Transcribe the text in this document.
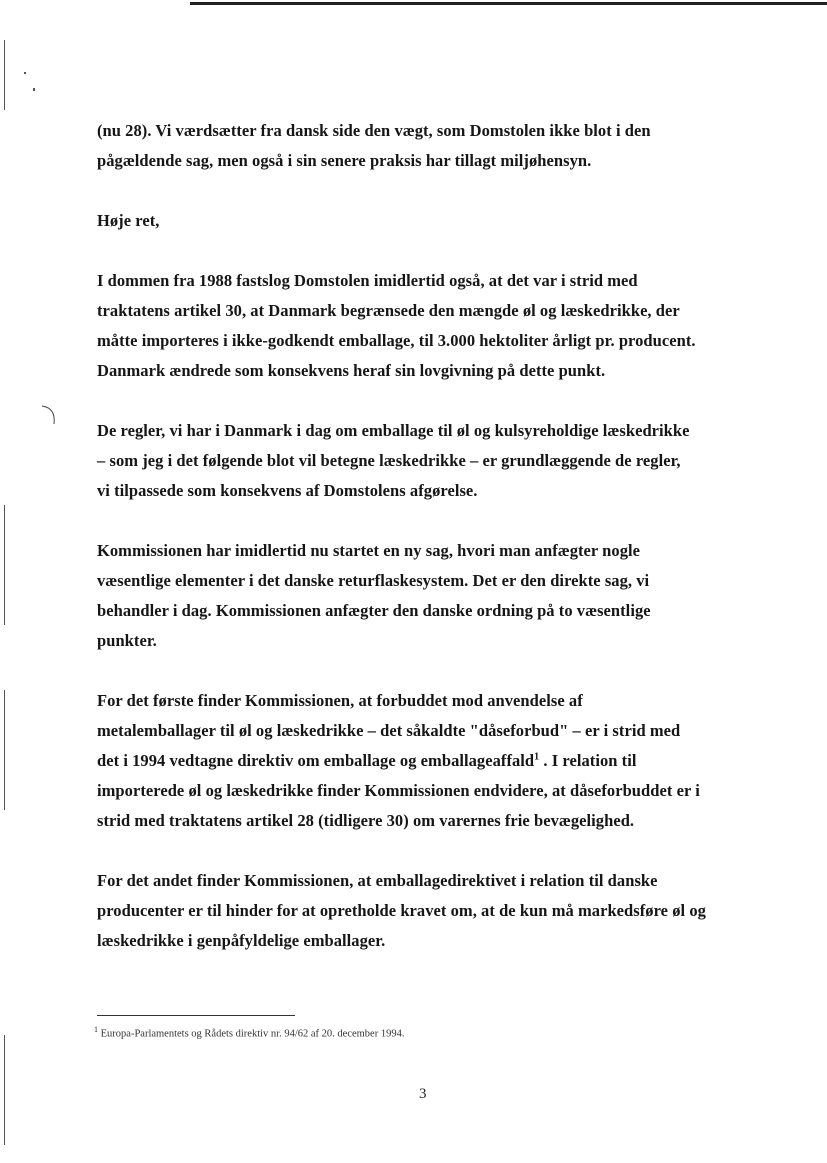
(nu 28). Vi værdsætter fra dansk side den vægt, som Domstolen ikke blot i den
pågældende sag, men også i sin senere praksis har tillagt miljøhensyn.

Høje ret,

I dommen fra 1988 fastslog Domstolen imidlertid også, at det var i strid med
traktatens artikel 30, at Danmark begrænsede den mængde øl og læskedrikke, der
måtte importeres i ikke-godkendt emballage, til 3.000 hektoliter årligt pr. producent.
Danmark ændrede som konsekvens heraf sin lovgivning på dette punkt.

De regler, vi har i Danmark i dag om emballage til øl og kulsyreholdige læskedrikke
– som jeg i det følgende blot vil betegne læskedrikke – er grundlæggende de regler,
vi tilpassede som konsekvens af Domstolens afgørelse.

Kommissionen har imidlertid nu startet en ny sag, hvori man anfægter nogle
væsentlige elementer i det danske returflaskesystem. Det er den direkte sag, vi
behandler i dag. Kommissionen anfægter den danske ordning på to væsentlige
punkter.

For det første finder Kommissionen, at forbuddet mod anvendelse af
metalemballager til øl og læskedrikke – det såkaldte "dåseforbud" – er i strid med
det i 1994 vedtagne direktiv om emballage og emballageaffald$^1$ . I relation til
importerede øl og læskedrikke finder Kommissionen endvidere, at dåseforbuddet er i
strid med traktatens artikel 28 (tidligere 30) om varernes frie bevægelighed.

For det andet finder Kommissionen, at emballagedirektivet i relation til danske
producenter er til hinder for at opretholde kravet om, at de kun må markedsføre øl og
læskedrikke i genpåfyldelige emballager.

$^1$ Europa-Parlamentets og Rådets direktiv nr. 94/62 af 20. december 1994.
3
